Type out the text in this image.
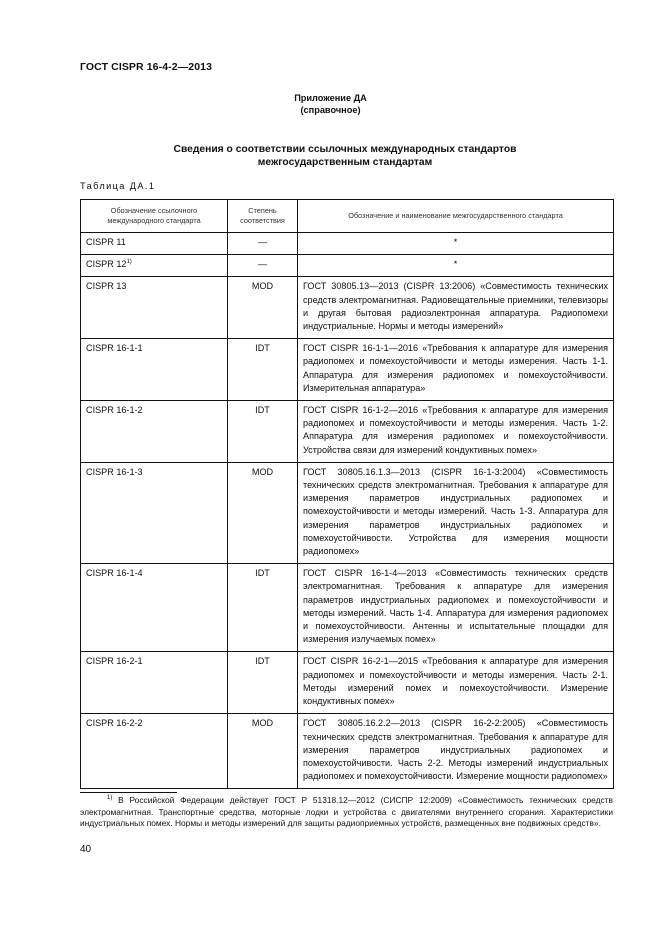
ГОСТ CISPR 16-4-2—2013
Приложение ДА
(справочное)
Сведения о соответствии ссылочных международных стандартов
межгосударственным стандартам
Таблица ДА.1
Обозначение ссылочного международного стандарта	Степень соответствия	Обозначение и наименование межгосударственного стандарта
CISPR 11	—	*
CISPR 12$^{1)}$	—	*
CISPR 13	MOD	ГОСТ 30805.13—2013 (CISPR 13:2006) «Совместимость технических средств электромагнитная. Радиовещательные приемники, телевизоры и другая бытовая радиоэлектронная аппаратура. Радиопомехи индустриальные. Нормы и методы измерений»
CISPR 16-1-1	IDT	ГОСТ CISPR 16-1-1—2016 «Требования к аппаратуре для измерения радиопомех и помехоустойчивости и методы измерения. Часть 1-1. Аппаратура для измерения радиопомех и помехоустойчивости. Измерительная аппаратура»
CISPR 16-1-2	IDT	ГОСТ CISPR 16-1-2—2016 «Требования к аппаратуре для измерения радиопомех и помехоустойчивости и методы измерения. Часть 1-2. Аппаратура для измерения радиопомех и помехоустойчивости. Устройства связи для измерений кондуктивных помех»
CISPR 16-1-3	MOD	ГОСТ 30805.16.1.3—2013 (CISPR 16-1-3:2004) «Совместимость технических средств электромагнитная. Требования к аппаратуре для измерения параметров индустриальных радиопомех и помехоустойчивости и методы измерений. Часть 1-3. Аппаратура для измерения параметров индустриальных радиопомех и помехоустойчивости. Устройства для измерения мощности радиопомех»
CISPR 16-1-4	IDT	ГОСТ CISPR 16-1-4—2013 «Совместимость технических средств электромагнитная. Требования к аппаратуре для измерения параметров индустриальных радиопомех и помехоустойчивости и методы измерений. Часть 1-4. Аппаратура для измерения радиопомех и помехоустойчивости. Антенны и испытательные площадки для измерения излучаемых помех»
CISPR 16-2-1	IDT	ГОСТ CISPR 16-2-1—2015 «Требования к аппаратуре для измерения радиопомех и помехоустойчивости и методы измерения. Часть 2-1. Методы измерений помех и помехоустойчивости. Измерение кондуктивных помех»
CISPR 16-2-2	MOD	ГОСТ 30805.16.2.2—2013 (CISPR 16-2-2:2005) «Совместимость технических средств электромагнитная. Требования к аппаратуре для измерения параметров индустриальных радиопомех и помехоустойчивости. Часть 2-2. Методы измерений индустриальных радиопомех и помехоустойчивости. Измерение мощности радиопомех»
$^{1)}$ В Российской Федерации действует ГОСТ Р 51318.12—2012 (СИСПР 12:2009) «Совместимость технических средств электромагнитная. Транспортные средства, моторные лодки и устройства с двигателями внутреннего сгорания. Характеристики индустриальных помех. Нормы и методы измерений для защиты радиоприемных устройств, размещенных вне подвижных средств».
40
